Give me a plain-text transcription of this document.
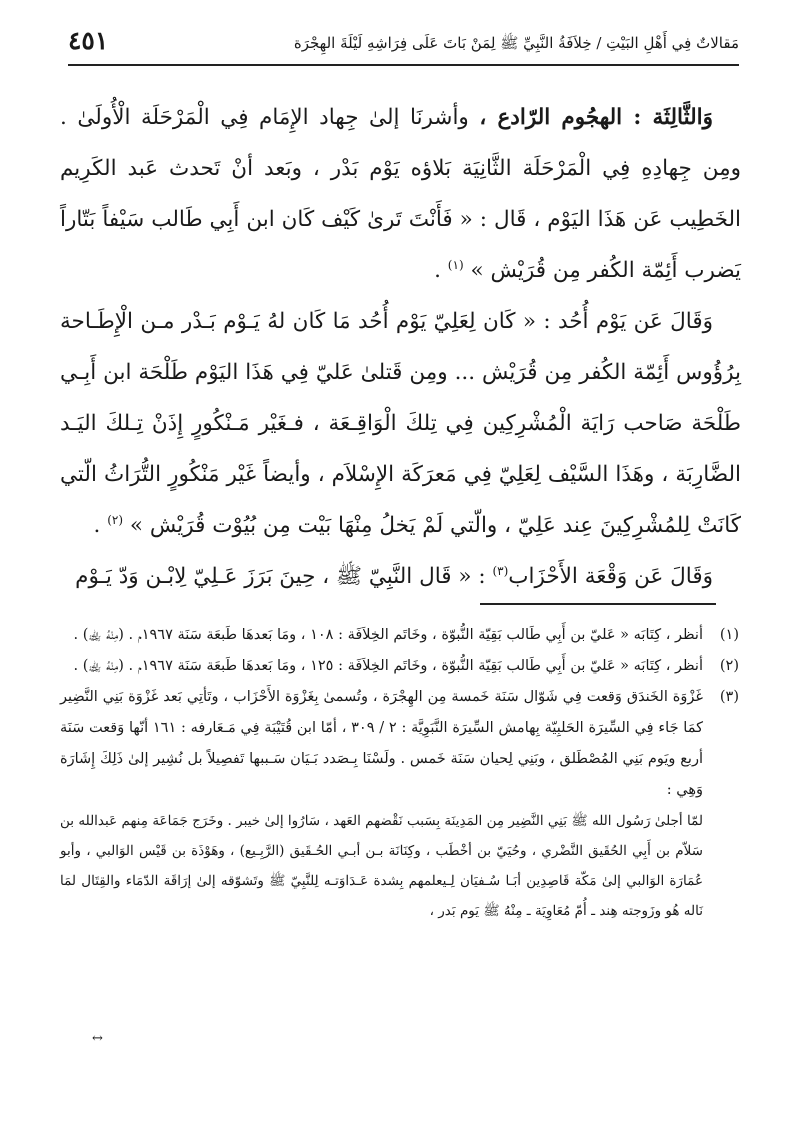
مَقالاتٌ فِي أَهْلِ البَيْتِ / خِلاَفَةُ النَّبِيِّ ﷺ لِمَنْ بَاتَ عَلَى فِرَاشِهِ لَيْلَةَ الهِجْرَة
٤٥١

وَالثَّالِثَة : الهجُوم الرّادع ، وأشرنَا إلىٰ جِهاد الإِمَام فِي الْمَرْحَلَة الْأُولَىٰ . ومِن جِهادِهِ فِي الْمَرْحَلَة الثَّانِيَة بَلاؤه يَوْم بَدْر ، وبَعد أنْ تَحدث عَبد الكَرِيم الخَطِيب عَن هَذَا اليَوْم ، قَال : « فَأَنْتَ تَرىٰ كَيْف كَان ابن أَبِي طَالب سَيْفاً بَتّاراً يَضرب أَئِمّة الكُفر مِن قُرَيْش » $^{(١)}$ .

وَقَالَ عَن يَوْم أُحُد : « كَان لِعَلِيّ يَوْم أُحُد مَا كَان لهُ يَـوْم بَـدْر مـن الْإِطَـاحة بِرُؤُوس أَئِمّة الكُفر مِن قُرَيْش ... ومِن قَتلىٰ عَليّ فِي هَذَا اليَوْم طَلْحَة ابن أَبِـي طَلْحَة صَاحب رَايَة الْمُشْرِكِين فِي تِلكَ الْوَاقِـعَة ، فـغَيْر مَـنْكُورٍ إِذَنْ تِـلكَ اليَـد الضَّارِبَة ، وهَذَا السَّيْف لِعَلِيّ فِي مَعرَكَة الإِسْلاَم ، وأيضاً غَيْر مَنْكُورٍ التُّرَاثُ الّتي كَانَتْ لِلمُشْرِكِينَ عِند عَلِيّ ، والّتي لَمْ يَخلُ مِنْهَا بَيْت مِن بُيُوْت قُرَيْش » $^{(٢)}$ .

وَقَالَ عَن وَقْعَة الأَحْزَاب$^{(٣)}$ : « قَال النَّبِيّ ﷺ ، حِينَ بَرَزَ عَـلِيّ لِابْـن وَدّ يَـوْم

(١)
أنظر ، كِتَابَه « عَليّ بن أَبِي طَالب بَقِيّة النُّبوّة ، وخَاتَم الخِلاَفَة : ١٠٨ ، ومَا بَعدهَا طَبعَة سَنَة ١٩٦٧م . (مِنْهُ ﵀) .

(٢)
أنظر ، كِتَابَه « عَليّ بن أَبِي طَالب بَقِيّة النُّبوّة ، وخَاتَم الخِلاَفَة : ١٢٥ ، ومَا بَعدهَا طَبعَة سَنَة ١٩٦٧م . (مِنْهُ ﵀) .

(٣)
غَزْوَة الخَندَق وَقعت فِي شَوّال سَنَة خَمسة مِن الهِجْرَة ، وتُسمىٰ بِغَزْوَة الأَحْزَاب ، وتَأتِي بَعد غَزْوَة بَنِي النَّضِير كمَا جَاء فِي السِّيرَة الحَلبِيّة بِهامش السِّيرَة النَّبَوِيَّة : ٢ / ٣٠٩ ، أمّا ابن قُتَيْبَة فِي مَـعَارفه : ١٦١ أنّها وَقعت سَنَة أربع ويَوم بَنِي المُصْطَلق ، وبَنِي لِحيان سَنَة خَمس . ولَسْنَا بِـصَدد بَـيَان سَـببها تَفصِيلاً بل نُشِير إلىٰ ذَلِكَ إِشَارَة وَهِي :

لمّا أجلىٰ رَسُول الله ﷺ بَنِي النَّضِير مِن المَدِينَة بِسَبب نَقْضهم العَهد ، سَارُوا إلىٰ خيبر . وخَرَج جَمَاعَة مِنهم عَبدالله بن سَلاّم بن أَبِي الحُقَيق النَّضْري ، وحُيَيّ بن أخْطَب ، وكِنَانَة بـن أبـي الحُـقَيق (الرَّبِـيع) ، وهَوْذَة بن قَيْس الوَالبي ، وأبو عُمَارَة الوَالبي إلىٰ مَكّة قَاصِدِين أبَـا سُـفيَان لِـيعلمهم بِشدة عَـدَاوَتـه لِلنَّبِيّ ﷺ وتَشوّقه إلىٰ إرَاقَة الدّمَاء والقِتَال لمَا نَاله هُو وزَوجته هِند ـ أُمّ مُعَاوِيَة ـ مِنْهُ ﷺ يَوم بَدر ،

↔
